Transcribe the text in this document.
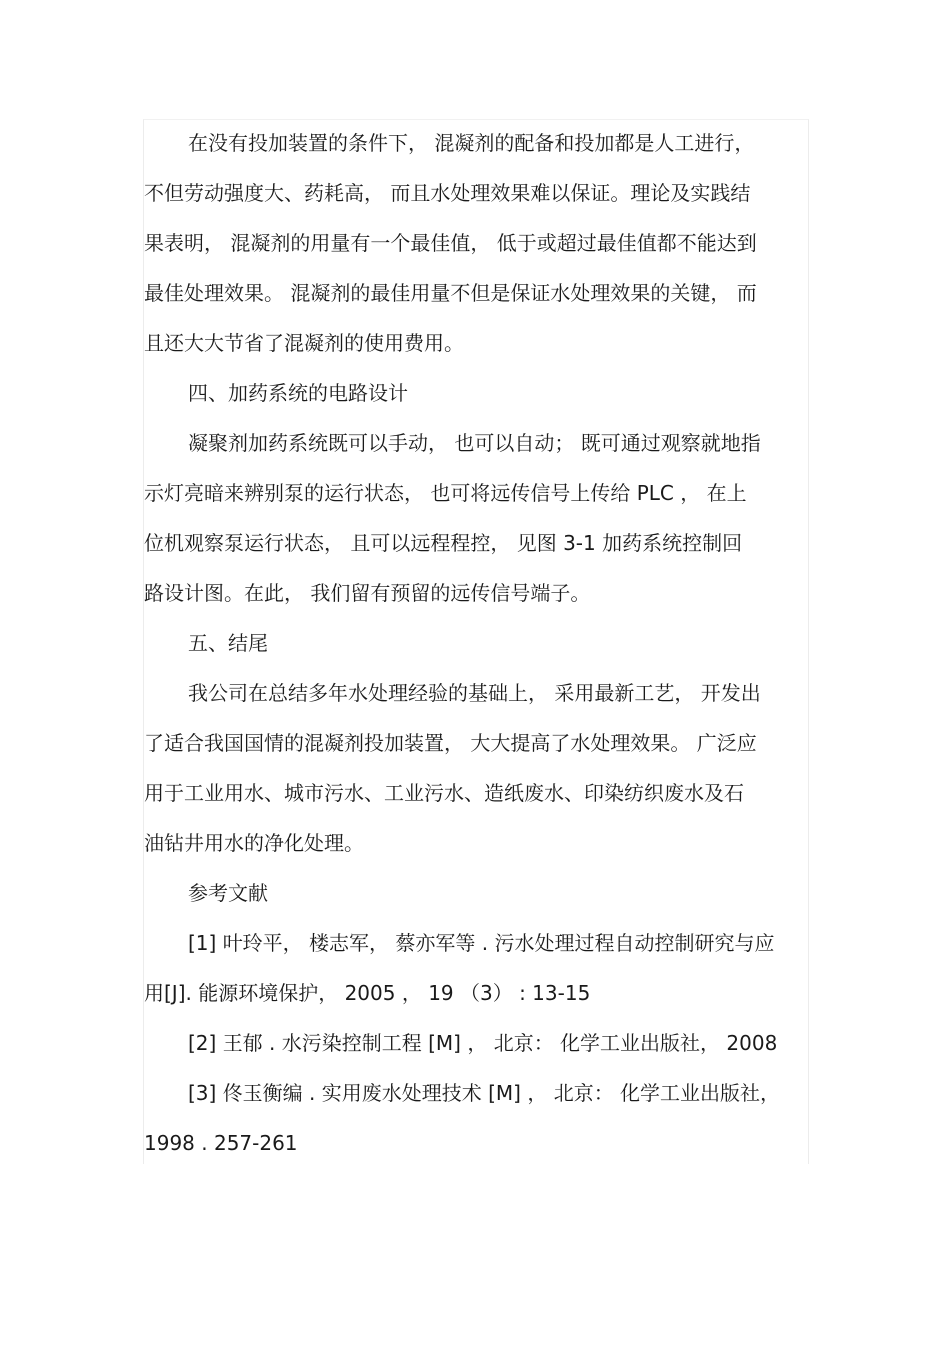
在没有投加装置的条件下， 混凝剂的配备和投加都是人工进行，
不但劳动强度大、药耗高， 而且水处理效果难以保证。理论及实践结
果表明， 混凝剂的用量有一个最佳值， 低于或超过最佳值都不能达到
最佳处理效果。 混凝剂的最佳用量不但是保证水处理效果的关键， 而
且还大大节省了混凝剂的使用费用。
四、加药系统的电路设计
凝聚剂加药系统既可以手动， 也可以自动； 既可通过观察就地指
示灯亮暗来辨别泵的运行状态， 也可将远传信号上传给 PLC ， 在上
位机观察泵运行状态， 且可以远程程控， 见图 3-1 加药系统控制回
路设计图。在此， 我们留有预留的远传信号端子。
五、结尾
我公司在总结多年水处理经验的基础上， 采用最新工艺， 开发出
了适合我国国情的混凝剂投加装置， 大大提高了水处理效果。 广泛应
用于工业用水、城市污水、工业污水、造纸废水、印染纺织废水及石
油钻井用水的净化处理。
参考文献
[1] 叶玲平， 楼志军， 蔡亦军等 . 污水处理过程自动控制研究与应
用[J]. 能源环境保护， 2005 ， 19 （3） : 13-15
[2] 王郁 . 水污染控制工程 [M] ， 北京： 化学工业出版社， 2008
[3] 佟玉衡编 . 实用废水处理技术 [M] ， 北京： 化学工业出版社，
1998 . 257-261
